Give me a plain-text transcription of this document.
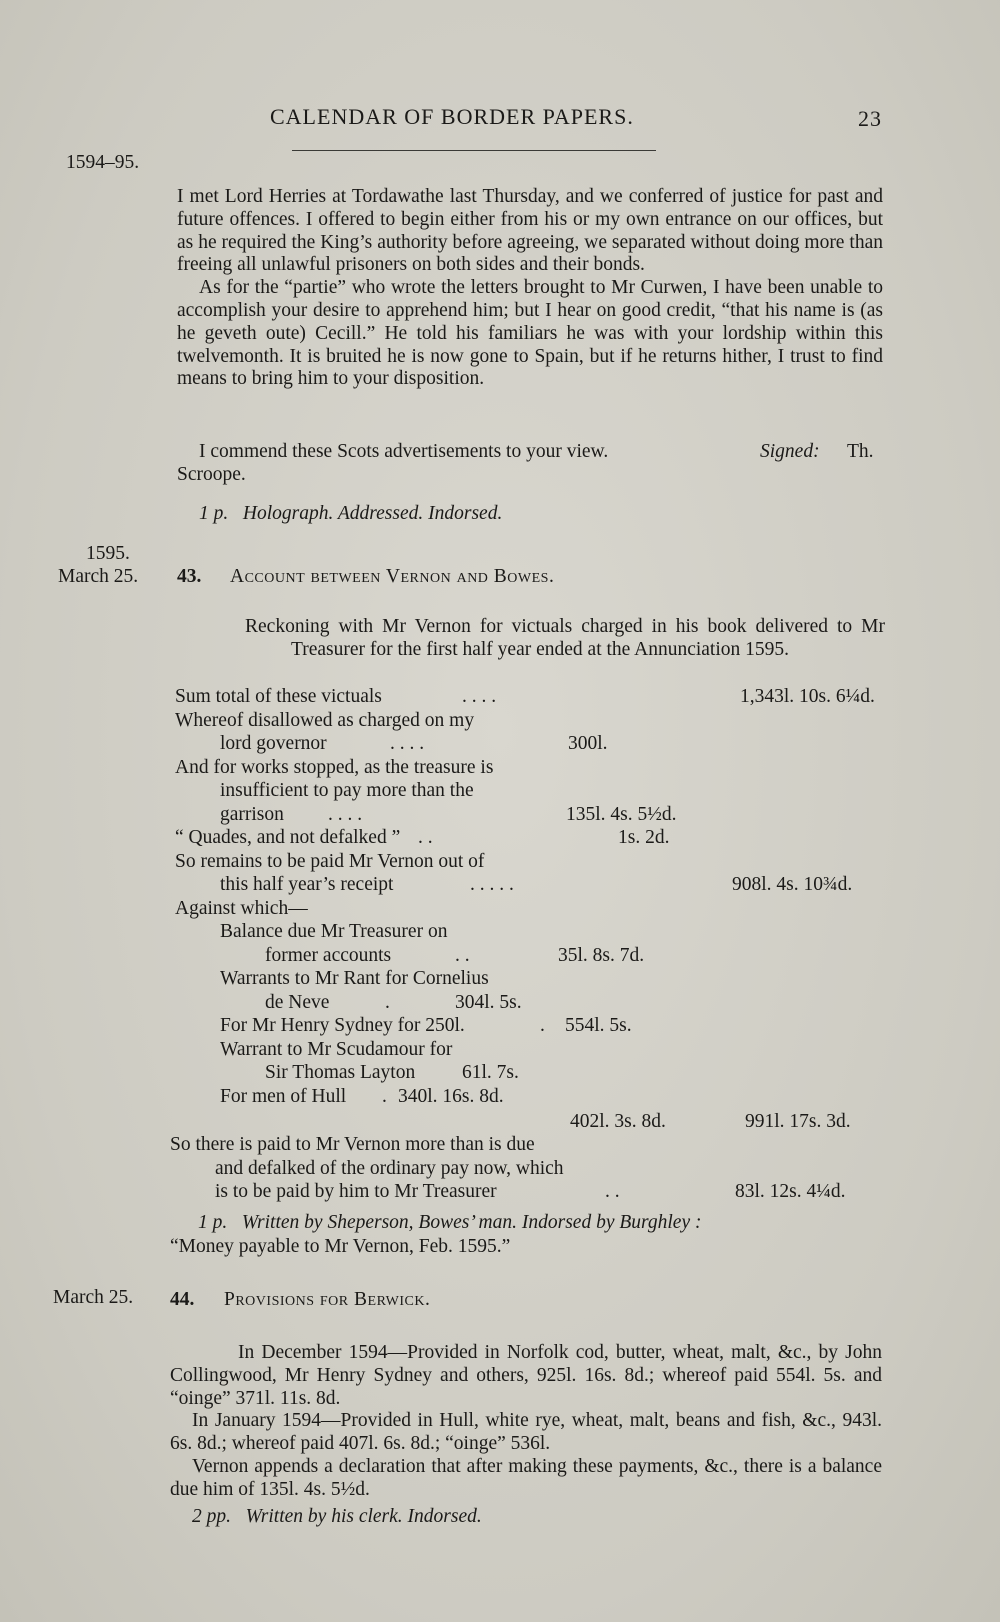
CALENDAR OF BORDER PAPERS.	23
1594–95.

I met Lord Herries at Tordawathe last Thursday, and we conferred of justice for past and future offences. I offered to begin either from his or my own entrance on our offices, but as he required the King’s authority before agreeing, we separated without doing more than freeing all unlawful prisoners on both sides and their bonds.

As for the “partie” who wrote the letters brought to Mr Curwen, I have been unable to accomplish your desire to apprehend him; but I hear on good credit, “that his name is (as he geveth oute) Cecill.” He told his familiars he was with your lordship within this twelvemonth. It is bruited he is now gone to Spain, but if he returns hither, I trust to find means to bring him to your disposition.

I commend these Scots advertisements to your view.	Signed: Th.
Scroope.
1 p. Holograph. Addressed. Indorsed.
1595.
March 25. 43. Account between Vernon and Bowes.
Reckoning with Mr Vernon for victuals charged in his book delivered to Mr Treasurer for the first half year ended at the Annunciation 1595.
Sum total of these victuals	. . . .	1,343l. 10s. 6¼d.
Whereof disallowed as charged on my
lord governor	. . . .	300l.
And for works stopped, as the treasure is
insufficient to pay more than the
garrison . . . .	135l. 4s. 5½d.
“ Quades, and not defalked ” . .	1s. 2d.
So remains to be paid Mr Vernon out of
this half year’s receipt	. . . . .	908l. 4s. 10¾d.
Against which—
Balance due Mr Treasurer on
former accounts	. .	35l. 8s. 7d.
Warrants to Mr Rant for Cornelius
de Neve	.	304l. 5s.
For Mr Henry Sydney for 250l.	. 554l. 5s.
Warrant to Mr Scudamour for
Sir Thomas Layton 61l. 7s.
For men of Hull . 340l. 16s. 8d.
402l. 3s. 8d.	991l. 17s. 3d.
So there is paid to Mr Vernon more than is due
and defalked of the ordinary pay now, which
is to be paid by him to Mr Treasurer	. .	83l. 12s. 4¼d.
1 p. Written by Sheperson, Bowes’ man. Indorsed by Burghley :
“Money payable to Mr Vernon, Feb. 1595.”
March 25. 44. Provisions for Berwick.

In December 1594—Provided in Norfolk cod, butter, wheat, malt, &c., by John Collingwood, Mr Henry Sydney and others, 925l. 16s. 8d.; whereof paid 554l. 5s. and “oinge” 371l. 11s. 8d.

In January 1594—Provided in Hull, white rye, wheat, malt, beans and fish, &c., 943l. 6s. 8d.; whereof paid 407l. 6s. 8d.; “oinge” 536l.

Vernon appends a declaration that after making these payments, &c., there is a balance due him of 135l. 4s. 5½d.

2 pp. Written by his clerk. Indorsed.
